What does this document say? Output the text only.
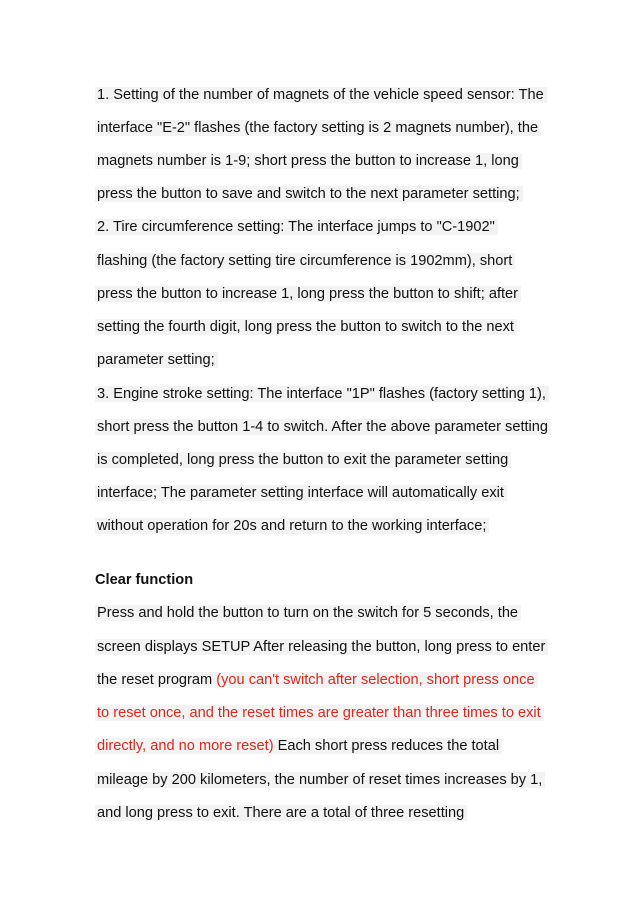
1. Setting of the number of magnets of the vehicle speed sensor: The
interface "E-2" flashes (the factory setting is 2 magnets number), the
magnets number is 1-9; short press the button to increase 1, long
press the button to save and switch to the next parameter setting;
2. Tire circumference setting: The interface jumps to "C-1902"
flashing (the factory setting tire circumference is 1902mm), short
press the button to increase 1, long press the button to shift; after
setting the fourth digit, long press the button to switch to the next
parameter setting;
3. Engine stroke setting: The interface "1P" flashes (factory setting 1),
short press the button 1-4 to switch. After the above parameter setting
is completed, long press the button to exit the parameter setting
interface; The parameter setting interface will automatically exit
without operation for 20s and return to the working interface;
Clear function
Press and hold the button to turn on the switch for 5 seconds, the
screen displays SETUP After releasing the button, long press to enter
the reset program (you can't switch after selection, short press once
to reset once, and the reset times are greater than three times to exit
directly, and no more reset) Each short press reduces the total
mileage by 200 kilometers, the number of reset times increases by 1,
and long press to exit. There are a total of three resetting
